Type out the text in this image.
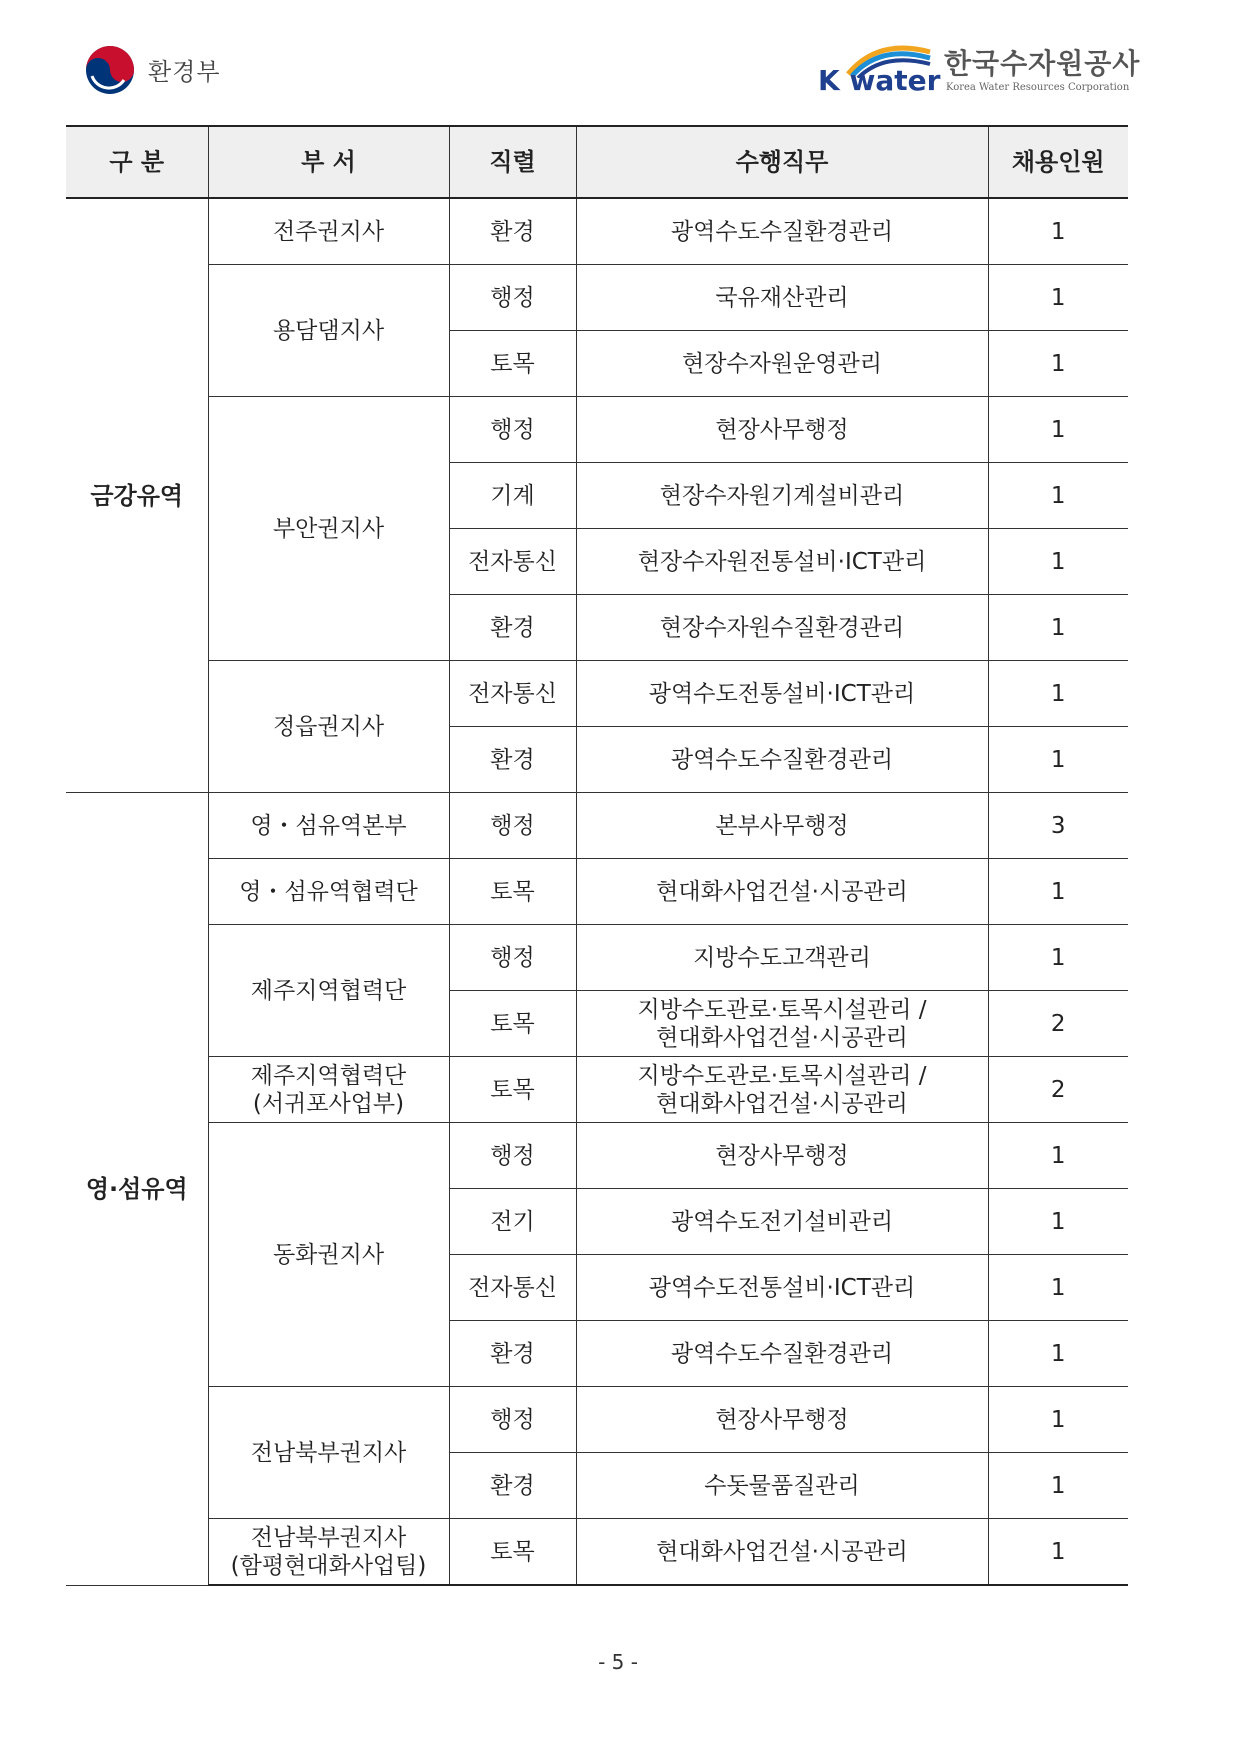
환경부	K water
한국수자원공사
Korea Water Resources Corporation
구 분	부 서	직렬	수행직무	채용인원
금강유역	전주권지사	환경	광역수도수질환경관리	1
	용담댐지사	행정	국유재산관리	1
		토목	현장수자원운영관리	1
	부안권지사	행정	현장사무행정	1
		기계	현장수자원기계설비관리	1
		전자통신	현장수자원전통설비·ICT관리	1
		환경	현장수자원수질환경관리	1
	정읍권지사	전자통신	광역수도전통설비·ICT관리	1
		환경	광역수도수질환경관리	1
영·섬유역	영・섬유역본부	행정	본부사무행정	3
	영・섬유역협력단	토목	현대화사업건설·시공관리	1
	제주지역협력단	행정	지방수도고객관리	1
		토목	지방수도관로·토목시설관리 /
현대화사업건설·시공관리	2
	제주지역협력단
(서귀포사업부)	토목	지방수도관로·토목시설관리 /
현대화사업건설·시공관리	2
	동화권지사	행정	현장사무행정	1
		전기	광역수도전기설비관리	1
		전자통신	광역수도전통설비·ICT관리	1
		환경	광역수도수질환경관리	1
	전남북부권지사	행정	현장사무행정	1
		환경	수돗물품질관리	1
	전남북부권지사
(함평현대화사업팀)	토목	현대화사업건설·시공관리	1
- 5 -
